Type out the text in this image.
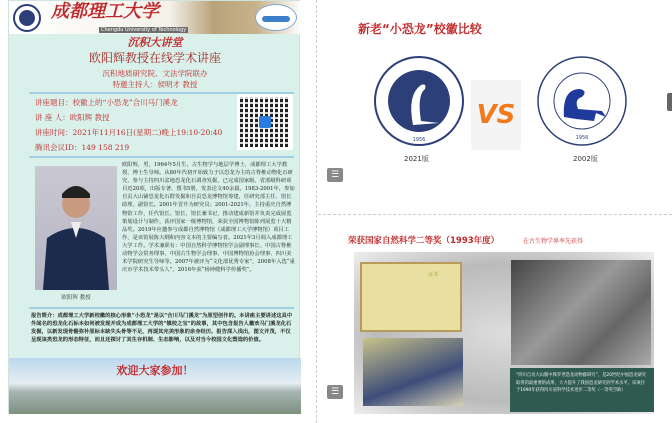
成都理工大学
Chengdu University of Technology
沉积大讲堂
欧阳辉教授在线学术讲座
沉积地质研究院、文法学院联办
特邀主持人：侯明才 教授
讲座题目：校徽上的“小恐龙”合川马门溪龙
讲 座 人：欧阳辉 教授
讲座时间：2021年11月16日(星期二)晚上19:10-20:40
腾讯会议ID：149 158 219
欧阳辉 教授
欧阳辉，男，1964年5月生，古生物学与地层学博士，成都理工大学教授、博士生导师。从80年代初开始致力于以恐龙为主的古脊椎动物化石研究，参与主持四川盆地恐龙化石调查发掘，已完成国家级、省部级科研项目近20项，出版专著、图书5册，发表论文40余篇。1983-2001年，参加自贡大山铺恐龙化石群发掘和自贡恐龙博物馆筹建，任研究部主任、馆长助理、副馆长。2001年晋升为研究员；2001-2021年，主持重庆自然博物馆工作，任代馆长、馆长、馆长兼书记，推动建成新馆并负责完成展览策划设计与制作，获评国家一级博物馆，荣获全国博物馆陈列展览十大精品奖。2019年应邀参与成都自然博物馆（成都理工大学博物馆）项目工作，是该馆展陈大纲和内容文本的主要编写者。2021年3月调入成都理工大学工作。学术兼职有：中国自然科学博物馆学会副理事长、中国古脊椎动物学会常务理事、中国古生物学会理事、中国博物馆协会理事、四川美术学院研究生导师等。2007年被评为“文化部优秀专家”，2008年入选“重庆市学术技术带头人”，2016年获“杨钟健科学传播奖”。
报告简介：成都理工大学新校徽的核心形象“小恐龙”是以“合川马门溪龙”为原型创作的。本讲座主要讲述这具中外闻名的恐龙化石标本如何被发现并成为成都理工大学的“镇校之宝”的故事，其中包含报告人徽欢马门溪龙化石发掘，以新发现骨骼弥补原标本缺失头骨等不足，再现其完美形象的亲身经历。报告深入浅出，图文并茂，不仅呈现该类恐龙的形态特征，而且还探讨了其生存机制、生态影响，以及对当今校园文化塑造的价值。
欢迎大家参加！
新老“小恐龙”校徽比较
1956
VS
1956
2021版	2002版
☰
荣获国家自然科学二等奖（1993年度）	在古生物学界率先获得
证书
“四川自贡大山铺中侏罗世恐龙动物群研究”，是20世纪中国恐龙研究取得的最重要的成果，大力提升了我国恐龙研究的学术水平。该项目于1990年获得四川省科学技术进步二等奖（一等奖空缺）
☰
